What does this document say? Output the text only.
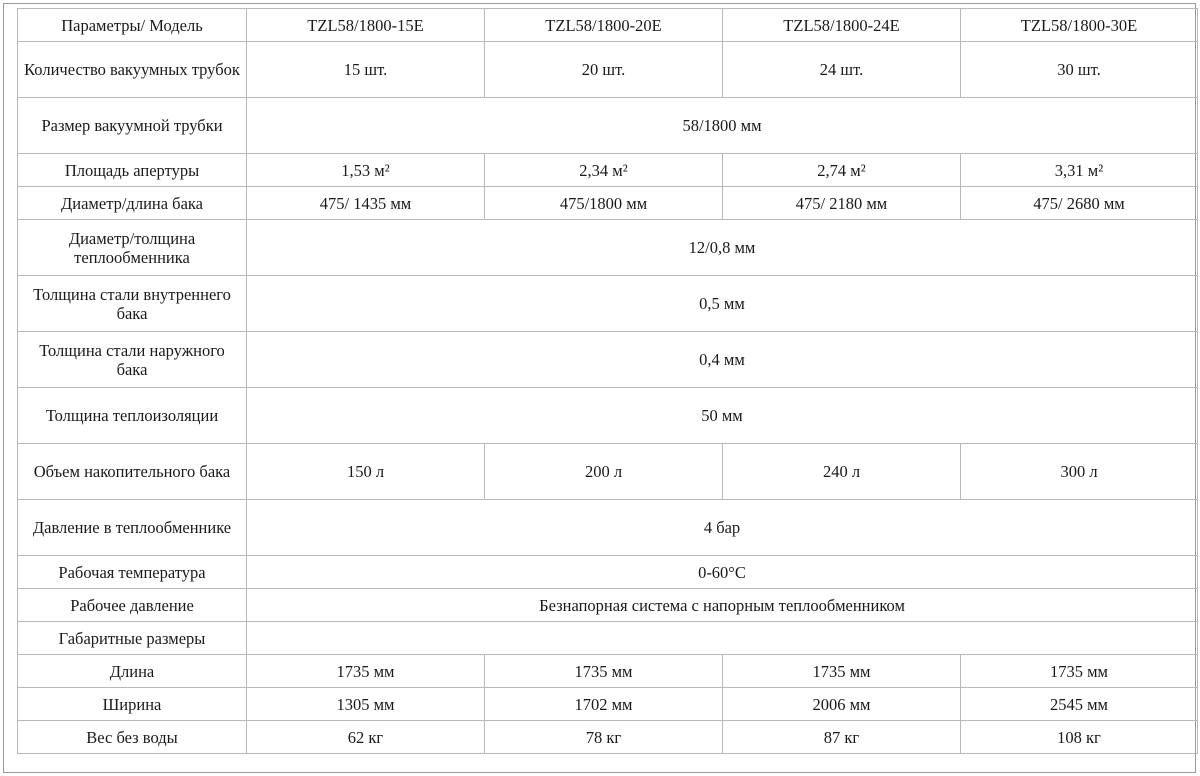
Параметры/ Модель	TZL58/1800-15E	TZL58/1800-20E	TZL58/1800-24E	TZL58/1800-30E
Количество вакуумных трубок	15 шт.	20 шт.	24 шт.	30 шт.
Размер вакуумной трубки	58/1800 мм			
Площадь апертуры	1,53 м²	2,34 м²	2,74 м²	3,31 м²
Диаметр/длина бака	475/ 1435 мм	475/1800 мм	475/ 2180 мм	475/ 2680 мм
Диаметр/толщина теплообменника	12/0,8 мм			
Толщина стали внутреннего бака	0,5 мм			
Толщина стали наружного бака	0,4 мм			
Толщина теплоизоляции	50 мм			
Объем накопительного бака	150 л	200 л	240 л	300 л
Давление в теплообменнике	4 бар			
Рабочая температура	0-60°C			
Рабочее давление	Безнапорная система с напорным теплообменником			
Габаритные размеры				
Длина	1735 мм	1735 мм	1735 мм	1735 мм
Ширина	1305 мм	1702 мм	2006 мм	2545 мм
Вес без воды	62 кг	78 кг	87 кг	108 кг
